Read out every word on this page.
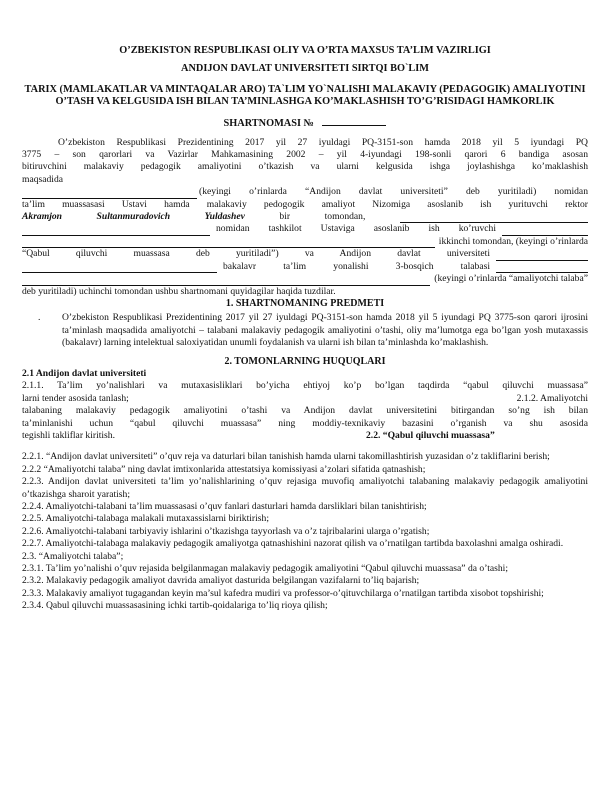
O’ZBEKISTON RESPUBLIKASI OLIY VA O’RTA MAXSUS TA’LIM VAZIRLIGI
ANDIJON DAVLAT UNIVERSITETI SIRTQI BO`LIM
TARIX (MAMLAKATLAR VA MINTAQALAR ARO) TA`LIM YO`NALISHI MALAKAVIY (PEDAGOGIK) AMALIYOTINI O’TASH VA KELGUSIDA ISH BILAN TA’MINLASHGA KO’MAKLASHISH TO’G’RISIDAGI HAMKORLIK
SHARTNOMASI №
O’zbekiston Respublikasi Prezidentining 2017 yil 27 iyuldagi PQ-3151-son hamda 2018 yil 5 iyundagi PQ
3775 – son qarorlari va Vazirlar Mahkamasining 2002 – yil 4-iyundagi 198-sonli qarori 6 bandiga asosan
bitiruvchini malakaviy pedagogik amaliyotini o’tkazish va ularni kelgusida ishga joylashishga ko’maklashish
maqsadida
(keyingi o’rinlarda “Andijon davlat universiteti” deb yuritiladi) nomidan
ta’lim muassasasi Ustavi hamda malakaviy pedogogik amaliyot Nizomiga asoslanib ish yurituvchi rektor
Akramjon	Sultanmuradovich	Yuldashev	bir	tomondan,
nomidan tashkilot Ustaviga asoslanib ish ko’ruvchi
ikkinchi tomondan, (keyingi o’rinlarda
“Qabul qiluvchi muassasa deb yuritiladi”) va Andijon davlat universiteti
bakalavr ta’lim yonalishi 3-bosqich talabasi
(keyingi o’rinlarda “amaliyotchi talaba”
deb yuritiladi) uchinchi tomondan ushbu shartnomani quyidagilar haqida tuzdilar.
1. SHARTNOMANING PREDMETI
. O’zbekiston Respublikasi Prezidentining 2017 yil 27 iyuldagi PQ-3151-son hamda 2018 yil 5 iyundagi PQ 3775-son qarori ijrosini ta’minlash maqsadida amaliyotchi – talabani malakaviy pedagogik amaliyotini o’tashi, oliy ma’lumotga ega bo’lgan yosh mutaxassis (bakalavr) larning intelektual saloxiyatidan unumli foydalanish va ularni ish bilan ta’minlashda ko’maklashish.
2. TOMONLARNING HUQUQLARI
2.1 Andijon davlat universiteti
2.1.1. Ta’lim yo’nalishlari va mutaxasisliklari bo’yicha ehtiyoj ko’p bo’lgan taqdirda “qabul qiluvchi muassasa”
larni tender asosida tanlash;	2.1.2. Amaliyotchi
talabaning malakaviy pedagogik amaliyotini o’tashi va Andijon davlat universitetini bitirgandan so’ng ish bilan
ta’minlanishi uchun “qabul qiluvchi muassasa” ning moddiy-texnikaviy bazasini o’rganish va shu asosida
tegishli takliflar kiritish.	2.2. “Qabul qiluvchi muassasa”
2.2.1. “Andijon davlat universiteti” o’quv reja va daturlari bilan tanishish hamda ularni takomillashtirish yuzasidan o’z takliflarini berish;
2.2.2 “Amaliyotchi talaba” ning davlat imtixonlarida attestatsiya komissiyasi a’zolari sifatida qatnashish;
2.2.3. Andijon davlat universiteti ta’lim yo’nalishlarining o’quv rejasiga muvofiq amaliyotchi talabaning malakaviy pedagogik amaliyotini o’tkazishga sharoit yaratish;
2.2.4. Amaliyotchi-talabani ta’lim muassasasi o’quv fanlari dasturlari hamda darsliklari bilan tanishtirish;
2.2.5. Amaliyotchi-talabaga malakali mutaxassislarni biriktirish;
2.2.6. Amaliyotchi-talabani tarbiyaviy ishlarini o’tkazishga tayyorlash va o’z tajribalarini ularga o’rgatish;
2.2.7. Amaliyotchi-talabaga malakaviy pedagogik amaliyotga qatnashishini nazorat qilish va o’rnatilgan tartibda baxolashni amalga oshiradi.
2.3. “Amaliyotchi talaba”;
2.3.1. Ta’lim yo’nalishi o’quv rejasida belgilanmagan malakaviy pedagogik amaliyotini “Qabul qiluvchi muassasa” da o’tashi;
2.3.2. Malakaviy pedagogik amaliyot davrida amaliyot dasturida belgilangan vazifalarni to’liq bajarish;
2.3.3. Malakaviy amaliyot tugagandan keyin ma’sul kafedra mudiri va professor-o’qituvchilarga o’rnatilgan tartibda xisobot topshirishi;
2.3.4. Qabul qiluvchi muassasasining ichki tartib-qoidalariga to’liq rioya qilish;
